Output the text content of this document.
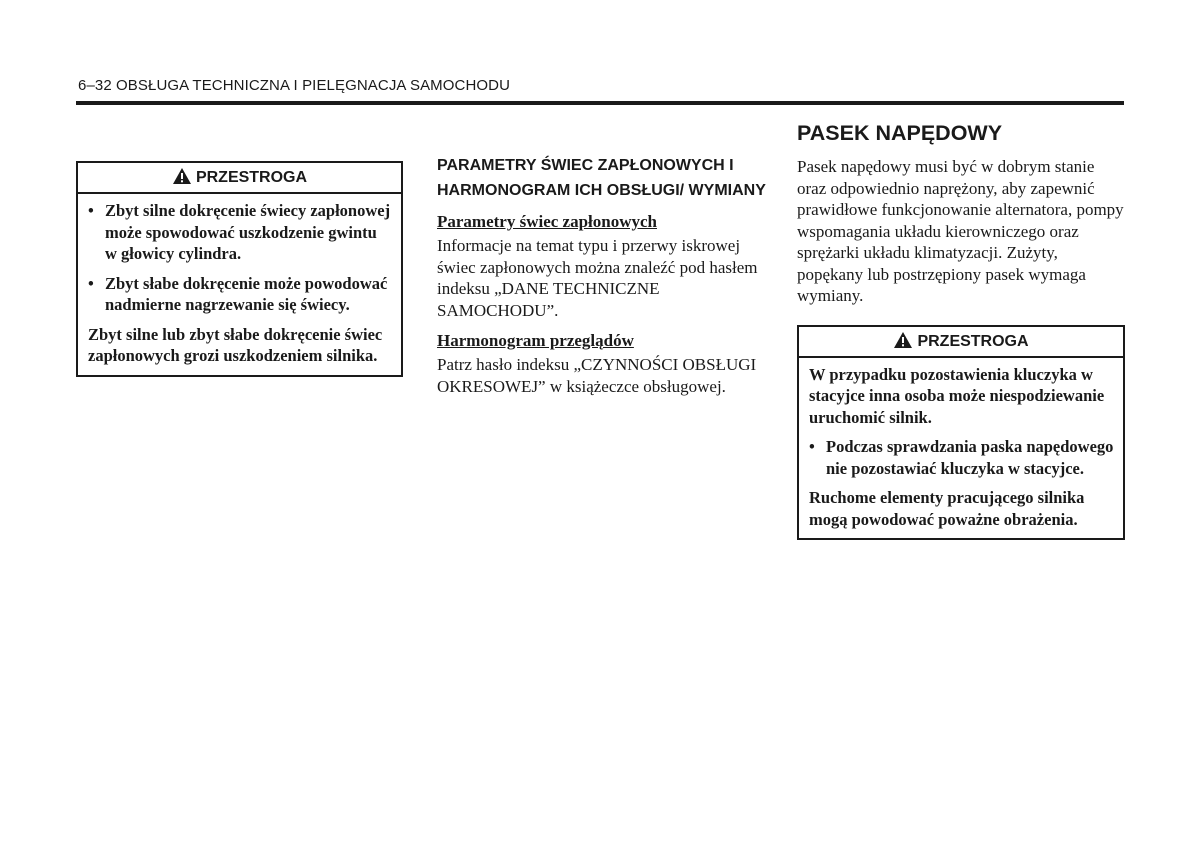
6–32 OBSŁUGA TECHNICZNA I PIELĘGNACJA SAMOCHODU
PRZESTROGA

• Zbyt silne dokręcenie świecy zapłonowej może spowodować uszkodzenie gwintu w głowicy cylindra.

• Zbyt słabe dokręcenie może powodować nadmierne nagrzewanie się świecy.

Zbyt silne lub zbyt słabe dokręcenie świec zapłonowych grozi uszkodzeniem silnika.

PARAMETRY ŚWIEC ZAPŁONOWYCH I HARMONOGRAM ICH OBSŁUGI/ WYMIANY

Parametry świec zapłonowych

Informacje na temat typu i przerwy iskrowej świec zapłonowych można znaleźć pod hasłem indeksu „DANE TECHNICZNE SAMOCHODU”.

Harmonogram przeglądów

Patrz hasło indeksu „CZYNNOŚCI OBSŁUGI OKRESOWEJ” w książeczce obsługowej.

PASEK NAPĘDOWY

Pasek napędowy musi być w dobrym stanie oraz odpowiednio naprężony, aby zapewnić prawidłowe funkcjonowanie alternatora, pompy wspomagania układu kierowniczego oraz sprężarki układu klimatyzacji. Zużyty, popękany lub postrzępiony pasek wymaga wymiany.

PRZESTROGA

W przypadku pozostawienia kluczyka w stacyjce inna osoba może niespodziewanie uruchomić silnik.

• Podczas sprawdzania paska napędowego nie pozostawiać kluczyka w stacyjce.

Ruchome elementy pracującego silnika mogą powodować poważne obrażenia.
